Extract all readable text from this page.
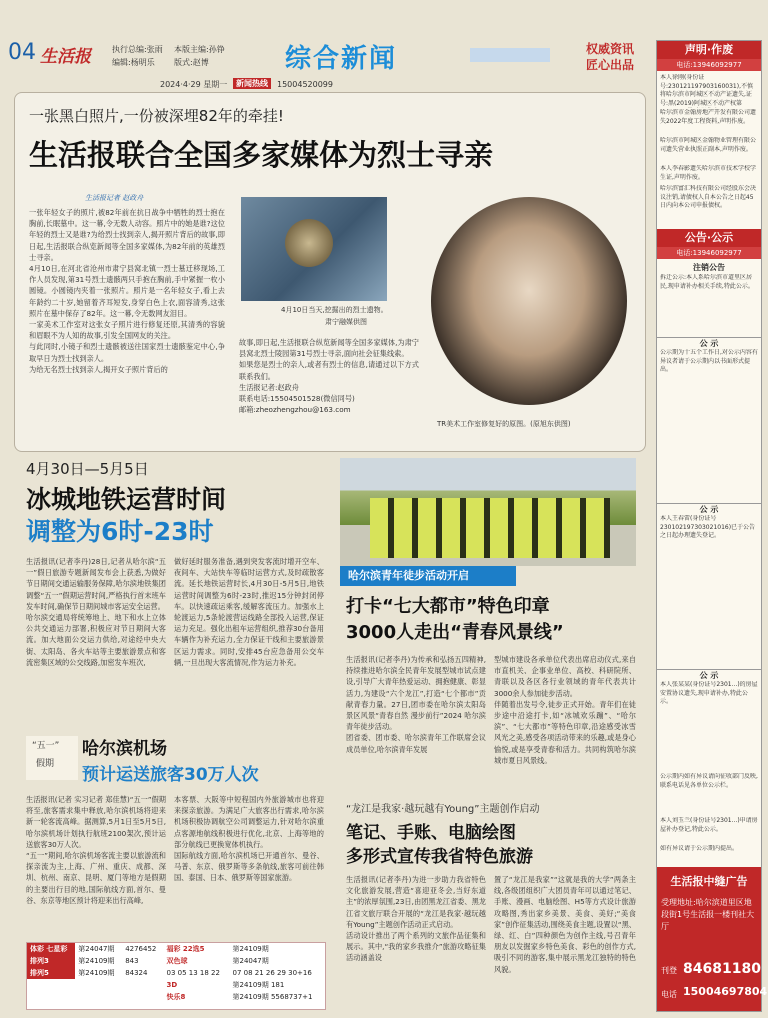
04 生活报	执行总编:张雨 本版主编:孙铮
编辑:杨明乐 版式:赵博	综合新闻	权威资讯
匠心出品
2024·4·29 星期一	新闻热线	15004520099
一张黑白照片,一份被深埋82年的牵挂!
生活报联合全国多家媒体为烈士寻亲
生活报记者 赵政舟
一张年轻女子的照片,被82年前在抗日战争中牺牲的烈士抱在胸前,长眠墓中。这一幕,令无数人动容。照片中的她是谁?这位年轻的烈士又是谁?为给烈士找到亲人,揭开照片背后的故事,即日起,生活报联合纵览新闻等全国多家媒体,为82年前的英雄烈士寻亲。
4月10日,在河北省沧州市肃宁县窝北镇一烈士墓迁移现场,工作人员发现,第31号烈士遗骸两只手抱在胸前,手中紧握一枚小圆镜。小圆镜内夹着一张照片。照片是一名年轻女子,看上去年龄约二十岁,她留着齐耳短发,身穿白色上衣,面容清秀,这张照片在墓中保存了82年。这一幕,令无数网友泪目。
一家美术工作室对这张女子照片进行修复还原,其清秀的容貌和眉眼不为人知的故事,引发全国网友的关注。
与此同时,小镜子和烈士遗骸被送往国家烈士遗骸鉴定中心,争取早日为烈士找到亲人。
为给无名烈士找到亲人,揭开女子照片背后的
4月10日当天,挖掘出的烈士遗物。
肃宁融媒供图
故事,即日起,生活报联合纵览新闻等全国多家媒体,为肃宁县窝北烈士陵园第31号烈士寻亲,面向社会征集线索。
如果您是烈士的亲人,或者有烈士的信息,请通过以下方式联系我们。
生活报记者:赵政舟
联系电话:15504501528(微信同号)
邮箱:zheozhengzhou@163.com
TR美术工作室修复好的原图。(原旭东供图)
4月30日—5月5日
冰城地铁运营时间
调整为6时-23时
生活报讯(记者李丹)28日,记者从哈尔滨“五一”假日旅游专题新闻发布会上获悉,为做好节日期间交通运输服务保障,哈尔滨地铁集团调整“五一”假期运营时间,严格执行首末班车发车时间,确保节日期间城市客运安全运营。
哈尔滨交通局将统筹地上、地下和水上立体公共交通运力部署,积极应对节日期间大客流。加大地面公交运力供给,对途经中央大街、太阳岛、各火车站等主要旅游景点和客流密集区域的公交线路,加密发车班次,
做好延时服务准备,遇到突发客流时增开空车、夜间车、大站快车等临时运营方式,及时疏散客流。延长地铁运营时长,4月30日-5月5日,地铁运营时间调整为6时-23时,推迟15分钟封闭停车。以快速疏运乘客,缓解客流压力。加强水上轮渡运力,5条轮渡营运线路全部投入运营,保证运力充足。强化出租车运营组织,推荐30台备用车辆作为补充运力,全力保证干线和主要旅游景区运力需求。同时,安排45台应急备用公交车辆,一旦出现大客流情况,作为运力补充。
“五一”
假期
哈尔滨机场
预计运送旅客30万人次
生活报讯(记者 实习记者 郑佳慧)“五一”假期将至,旅客需求集中释放,哈尔滨机场将迎来新一轮客流高峰。据测算,5月1日至5月5日,哈尔滨机场计划执行航班2100架次,预计运送旅客30万人次。
“五一”期间,哈尔滨机场客流主要以旅游流和探亲流为主,上海、广州、重庆、成都、深圳、杭州、南京、昆明、厦门等地方是假期的主要出行目的地,国际航线方面,首尔、曼谷、东京等地区预计将迎来出行高峰,
本客票、大阪等中短程国内外旅游城市也将迎来探亲旅游。为满足广大旅客出行需求,哈尔滨机场积极协调航空公司调整运力,针对哈尔滨重点客源地航线积极进行优化,北京、上海等地的部分航线已更换宽体机执行。
国际航线方面,哈尔滨机场已开通首尔、曼谷、马普、东京、俄罗斯等多条航线,旅客可前往韩国、泰国、日本、俄罗斯等国家旅游。
体彩 七星彩	第24047期	4276452	福彩 22选5	第24109期
排列3	第24109期	843	双色球	第24047期
排列5	第24109期	84324	03 05 13 18 22	07 08 21 26 29 30+16
			3D	第24109期 181
			快乐8	第24109期 5568737+1
哈尔滨青年徒步活动开启
打卡“七大都市”特色印章
3000人走出“青春风景线”
生活报讯(记者李丹)为传承和弘扬五四精神,持续推进哈尔滨全民青年发展型城市试点建设,引导广大青年热爱运动、拥抱健康、彰显活力,为建设“六个龙江”,打造“七个都市”贡献青春力量。27日,团市委在哈尔滨太阳岛景区风景“青春自然 漫步前行”2024 哈尔滨青年徒步活动。
团省委、团市委、哈尔滨青年工作联席会议成员单位,哈尔滨青年发展
型城市建设各承单位代表出席启动仪式,来自市直机关、企事业单位、高校、科研院所、青联以及各区各行业领域的青年代表共计3000余人参加徒步活动。
伴随着出发号令,徒步正式开始。青年们在徒步途中沿途打卡,如“冰城欢乐蹦”、“哈尔滨”、“七大都市”等特色印章,沿途感受冰雪风光之美,感受各项活动带来的乐趣,或是身心愉悦,或是享受青春和活力。共同构筑哈尔滨城市夏日风景线。
“龙江是我家·越玩越有Young”主题创作启动
笔记、手账、电脑绘图
多形式宣传我省特色旅游
生活报讯(记者李丹)为进一步助力我省特色文化旅游发展,营造“喜迎亚冬会,当好东道主”的浓厚氛围,23日,由团黑龙江省委、黑龙江省文旅厅联合开展的“龙江是我家·越玩越有Young”主题创作活动正式启动。
活动设计推出了两个系列的文旅作品征集和展示。其中,“我的家乡我推介”旅游攻略征集活动涵盖设
置了“龙江是我家”“这就是我的大学”两条主线,各级团组织广大团员青年可以通过笔记、手账、漫画、电脑绘图、H5等方式设计旅游攻略图,秀出家乡美景、美食、美好;“美食家”创作征集活动,围绕美食主题,设置以“黑、绿、红、白”四种颜色为创作主线,号召青年朋友以发掘家乡特色美食、彩色的创作方式,吸引不同的游客,集中展示黑龙江独特的特色风貌。
声明·作废
电话:13946092977
本人徐刚(身份证号:230121197903160031),不慎将哈尔滨市阿城区不动产证遗失,证号:黑(2019)阿城区不动产权第
哈尔滨市金翰房地产开发有限公司遗失2022年度工程资料,声明作废。
哈尔滨市阿城区金翰物业管理有限公司遗失营业执照正副本,声明作废。
本人李春影遗失哈尔滨市技术学校学生证,声明作废。
哈尔滨富汇科技有限公司经股东会决议注销,请债权人自本公告之日起45日内向本公司申报债权。
公告·公示
电话:13946092977
注销公告
拆迁公示:本人系哈尔滨市道里区居民,现申请补办相关手续,特此公示。
公 示
公示期为十五个工作日,对公示内容有异议者请于公示期内以书面形式提出。
公 示
本人王春雷(身份证号230102197303021016)已于公告之日起办理遗失登记。
公 示
本人张某某(身份证号2301...)的房屋安置协议遗失,现申请补办,特此公示。
公示期内如有异议请向征收部门反映,联系电话见各单位公示栏。
本人刘玉兰(身份证号2301...)申请房屋补办登记,特此公示。
如有异议请于公示期内提出。
生活报中缝广告
受理地址:哈尔滨道里区地段街1号生活报一楼刊社大厅
刊登 84681180
电话 15004697804
